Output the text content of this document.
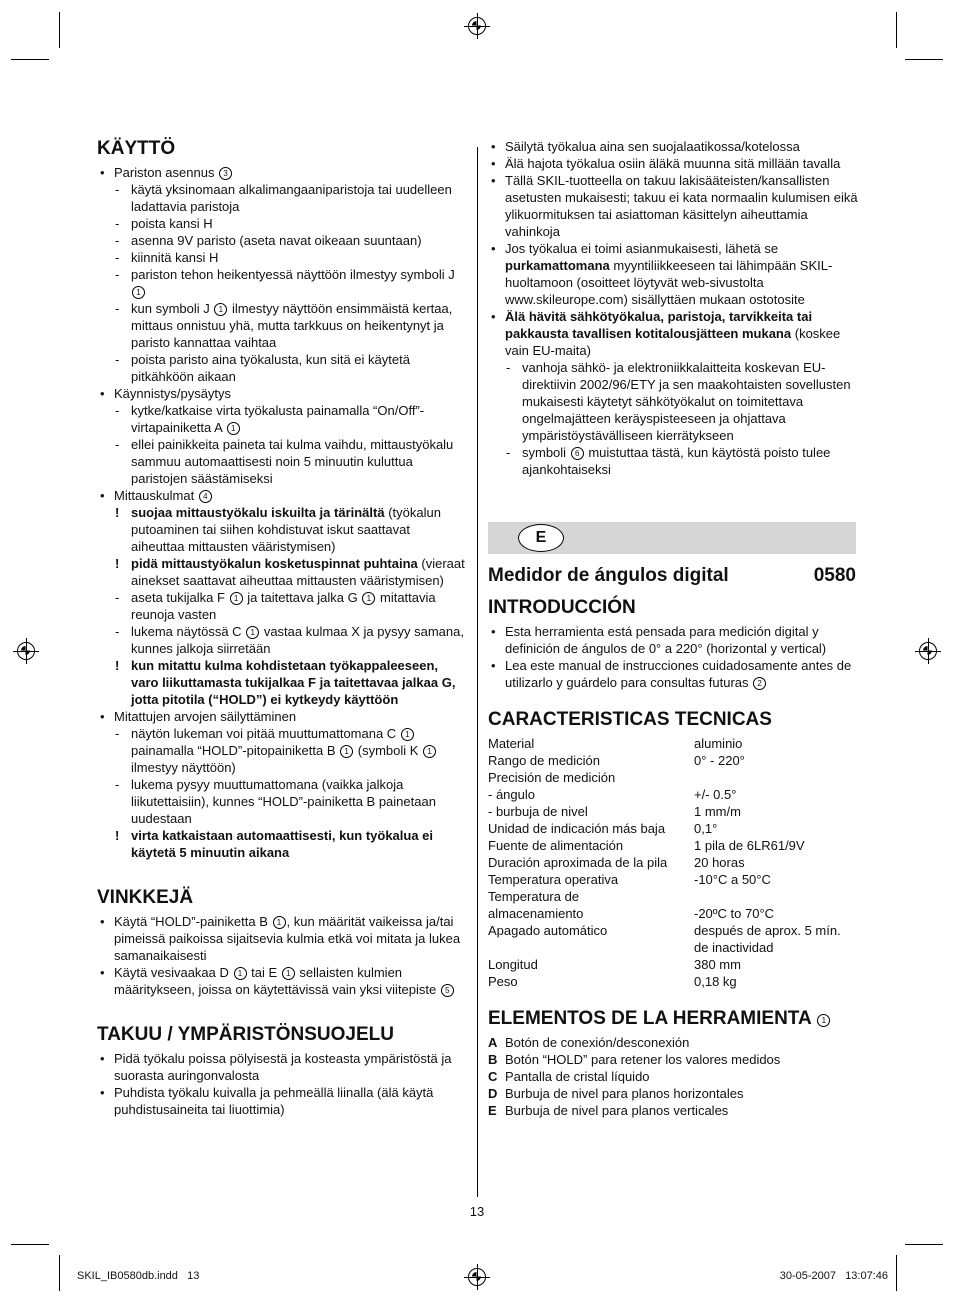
KÄYTTÖ
• Pariston asennus 3
- käytä yksinomaan alkalimangaaniparistoja tai uudelleen ladattavia paristoja
- poista kansi H
- asenna 9V paristo (aseta navat oikeaan suuntaan)
- kiinnitä kansi H
- pariston tehon heikentyessä näyttöön ilmestyy symboli J 1
- kun symboli J 1 ilmestyy näyttöön ensimmäistä kertaa, mittaus onnistuu yhä, mutta tarkkuus on heikentynyt ja paristo kannattaa vaihtaa
- poista paristo aina työkalusta, kun sitä ei käytetä pitkähköön aikaan
• Käynnistys/pysäytys
- kytke/katkaise virta työkalusta painamalla “On/Off”-virtapainiketta A 1
- ellei painikkeita paineta tai kulma vaihdu, mittaustyökalu sammuu automaattisesti noin 5 minuutin kuluttua paristojen säästämiseksi
• Mittauskulmat 4
! suojaa mittaustyökalu iskuilta ja tärinältä (työkalun putoaminen tai siihen kohdistuvat iskut saattavat aiheuttaa mittausten vääristymisen)
! pidä mittaustyökalun kosketuspinnat puhtaina (vieraat ainekset saattavat aiheuttaa mittausten vääristymisen)
- aseta tukijalka F 1 ja taitettava jalka G 1 mitattavia reunoja vasten
- lukema näytössä C 1 vastaa kulmaa X ja pysyy samana, kunnes jalkoja siirretään
! kun mitattu kulma kohdistetaan työkappaleeseen, varo liikuttamasta tukijalkaa F ja taitettavaa jalkaa G, jotta pitotila (“HOLD”) ei kytkeydy käyttöön
• Mitattujen arvojen säilyttäminen
- näytön lukeman voi pitää muuttumattomana C 1 painamalla “HOLD”-pitopainiketta B 1 (symboli K 1 ilmestyy näyttöön)
- lukema pysyy muuttumattomana (vaikka jalkoja liikutettaisiin), kunnes “HOLD”-painiketta B painetaan uudestaan
! virta katkaistaan automaattisesti, kun työkalua ei käytetä 5 minuutin aikana
VINKKEJÄ
• Käytä “HOLD”-painiketta B 1 , kun määrität vaikeissa ja/tai pimeissä paikoissa sijaitsevia kulmia etkä voi mitata ja lukea samanaikaisesti
• Käytä vesivaakaa D 1 tai E 1 sellaisten kulmien määritykseen, joissa on käytettävissä vain yksi viitepiste 5
TAKUU / YMPÄRISTÖNSUOJELU
• Pidä työkalu poissa pölyisestä ja kosteasta ympäristöstä ja suorasta auringonvalosta
• Puhdista työkalu kuivalla ja pehmeällä liinalla (älä käytä puhdistusaineita tai liuottimia)
• Säilytä työkalua aina sen suojalaatikossa/kotelossa
• Älä hajota työkalua osiin äläkä muunna sitä millään tavalla
• Tällä SKIL-tuotteella on takuu lakisääteisten/kansallisten asetusten mukaisesti; takuu ei kata normaalin kulumisen eikä ylikuormituksen tai asiattoman käsittelyn aiheuttamia vahinkoja
• Jos työkalua ei toimi asianmukaisesti, lähetä se purkamattomana myyntiliikkeeseen tai lähimpään SKIL-huoltamoon (osoitteet löytyvät web-sivustolta www.skileurope.com) sisällyttäen mukaan ostotosite
• Älä hävitä sähkötyökalua, paristoja, tarvikkeita tai pakkausta tavallisen kotitalousjätteen mukana (koskee vain EU-maita)
- vanhoja sähkö- ja elektroniikkalaitteita koskevan EU-direktiivin 2002/96/ETY ja sen maakohtaisten sovellusten mukaisesti käytetyt sähkötyökalut on toimitettava ongelmajätteen keräyspisteeseen ja ohjattava ympäristöystävälliseen kierrätykseen
- symboli 6 muistuttaa tästä, kun käytöstä poisto tulee ajankohtaiseksi
E
Medidor de ángulos digital	0580
INTRODUCCIÓN
• Esta herramienta está pensada para medición digital y definición de ángulos de 0° a 220° (horizontal y vertical)
• Lea este manual de instrucciones cuidadosamente antes de utilizarlo y guárdelo para consultas futuras 2
CARACTERISTICAS TECNICAS
Material	aluminio
Rango de medición	0° - 220°
Precisión de medición
- ángulo	+/- 0.5°
- burbuja de nivel	1 mm/m
Unidad de indicación más baja	0,1°
Fuente de alimentación	1 pila de 6LR61/9V
Duración aproximada de la pila	20 horas
Temperatura operativa	-10°C a 50°C
Temperatura de
almacenamiento	-20ºC to 70°C
Apagado automático	después de aprox. 5 mín.
de inactividad
Longitud	380 mm
Peso	0,18 kg
ELEMENTOS DE LA HERRAMIENTA 1
A Botón de conexión/desconexión
B Botón “HOLD” para retener los valores medidos
C Pantalla de cristal líquido
D Burbuja de nivel para planos horizontales
E Burbuja de nivel para planos verticales
13
SKIL_IB0580db.indd   13	30-05-2007   13:07:46
